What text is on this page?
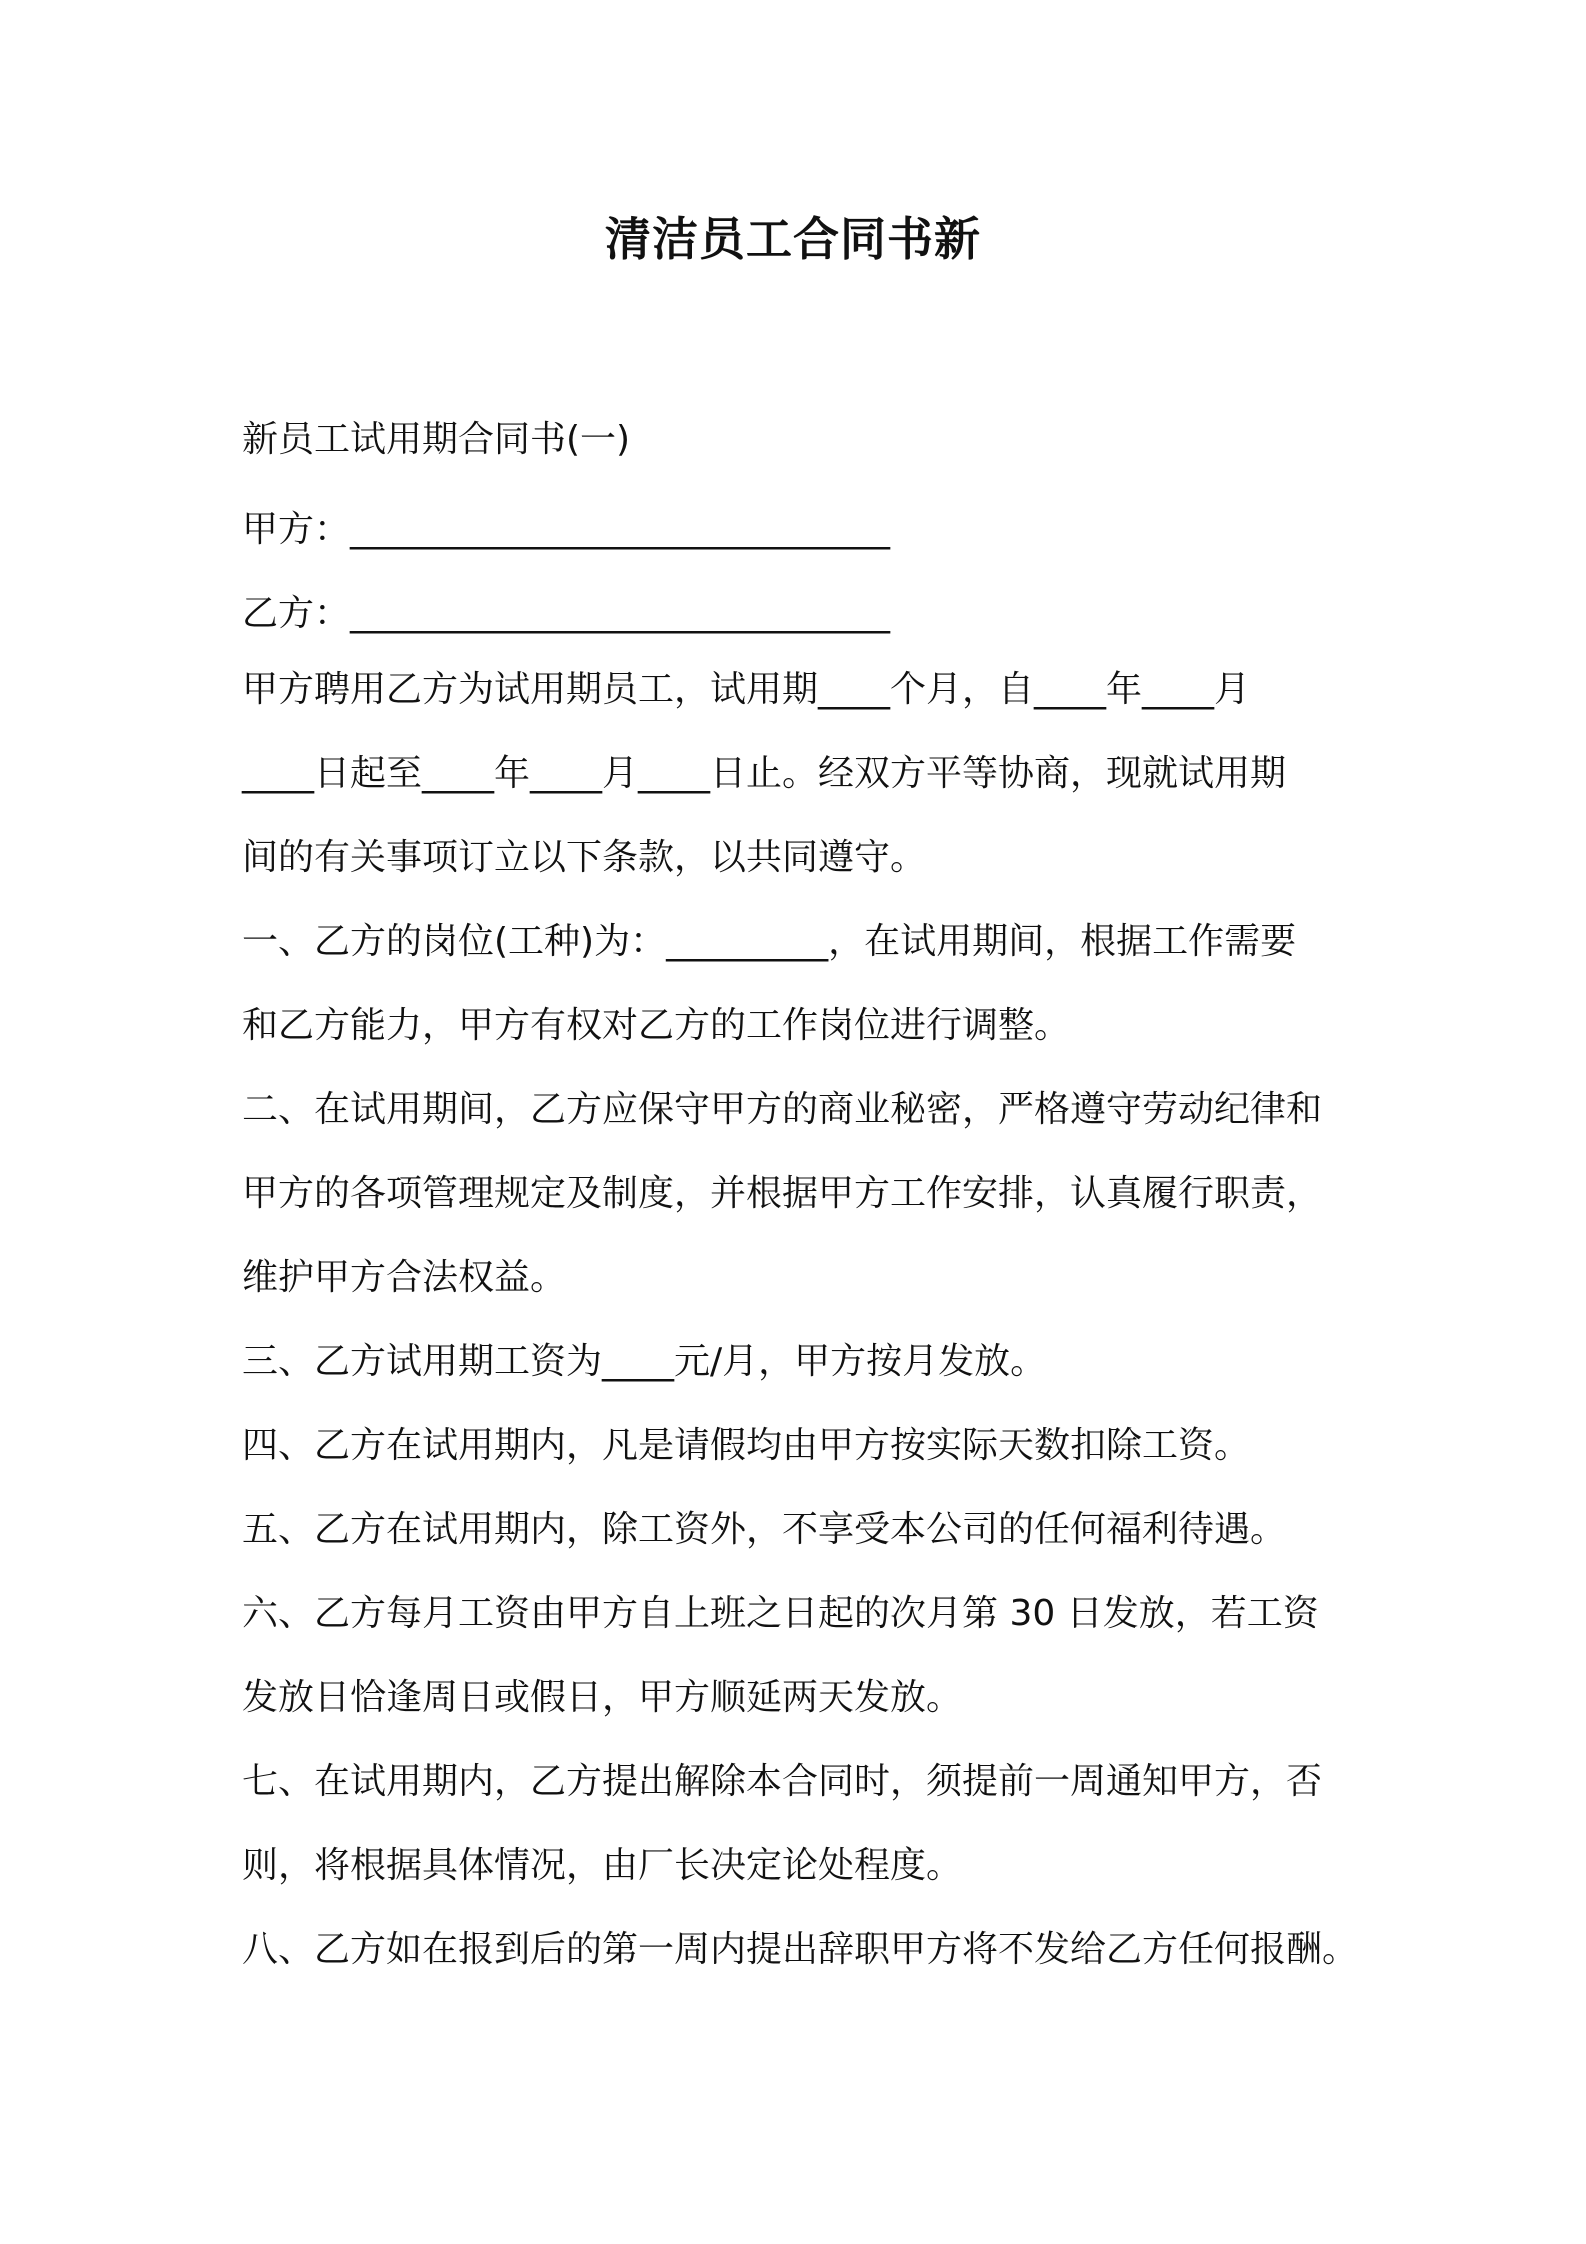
清洁员工合同书新
新员工试用期合同书(一)
甲方：______________________________
乙方：______________________________
甲方聘用乙方为试用期员工，试用期____个月，自____年____月
____日起至____年____月____日止。经双方平等协商，现就试用期
间的有关事项订立以下条款，以共同遵守。
一、乙方的岗位(工种)为：_________，在试用期间，根据工作需要
和乙方能力，甲方有权对乙方的工作岗位进行调整。
二、在试用期间，乙方应保守甲方的商业秘密，严格遵守劳动纪律和
甲方的各项管理规定及制度，并根据甲方工作安排，认真履行职责，
维护甲方合法权益。
三、乙方试用期工资为____元/月，甲方按月发放。
四、乙方在试用期内，凡是请假均由甲方按实际天数扣除工资。
五、乙方在试用期内，除工资外，不享受本公司的任何福利待遇。
六、乙方每月工资由甲方自上班之日起的次月第 30 日发放，若工资
发放日恰逢周日或假日，甲方顺延两天发放。
七、在试用期内，乙方提出解除本合同时，须提前一周通知甲方，否
则，将根据具体情况，由厂长决定论处程度。
八、乙方如在报到后的第一周内提出辞职甲方将不发给乙方任何报酬。
